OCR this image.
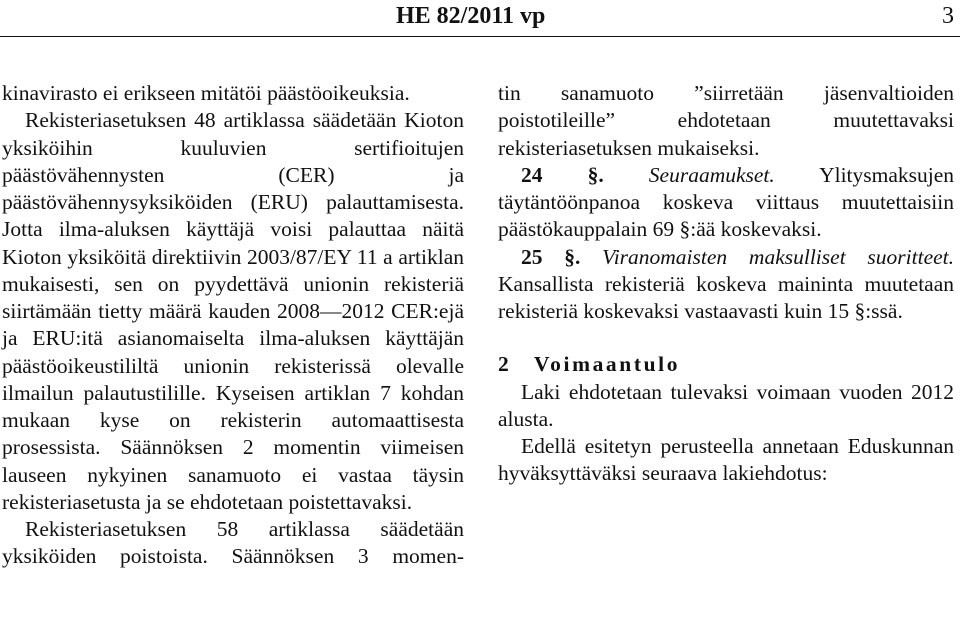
HE 82/2011 vp	3

kinavirasto ei erikseen mitätöi päästöoikeuksia.

Rekisteriasetuksen 48 artiklassa säädetään Kioton yksiköihin kuuluvien sertifioitujen päästövähennysten (CER) ja päästövähennysyksiköiden (ERU) palauttamisesta. Jotta ilma-aluksen käyttäjä voisi palauttaa näitä Kioton yksiköitä direktiivin 2003/87/EY 11 a artiklan mukaisesti, sen on pyydettävä unionin rekisteriä siirtämään tietty määrä kauden 2008—2012 CER:ejä ja ERU:itä asianomaiselta ilma-aluksen käyttäjän päästöoikeustililtä unionin rekisterissä olevalle ilmailun palautustilille. Kyseisen artiklan 7 kohdan mukaan kyse on rekisterin automaattisesta prosessista. Säännöksen 2 momentin viimeisen lauseen nykyinen sanamuoto ei vastaa täysin rekisteriasetusta ja se ehdotetaan poistettavaksi.

Rekisteriasetuksen 58 artiklassa säädetään yksiköiden poistoista. Säännöksen 3 momen-

tin sanamuoto ”siirretään jäsenvaltioiden poistotileille” ehdotetaan muutettavaksi rekisteriasetuksen mukaiseksi.

24 §. Seuraamukset. Ylitysmaksujen täytäntöönpanoa koskeva viittaus muutettaisiin päästökauppalain 69 §:ää koskevaksi.

25 §. Viranomaisten maksulliset suoritteet. Kansallista rekisteriä koskeva maininta muutetaan rekisteriä koskevaksi vastaavasti kuin 15 §:ssä.

2 Voimaantulo

Laki ehdotetaan tulevaksi voimaan vuoden 2012 alusta.

Edellä esitetyn perusteella annetaan Eduskunnan hyväksyttäväksi seuraava lakiehdotus:
